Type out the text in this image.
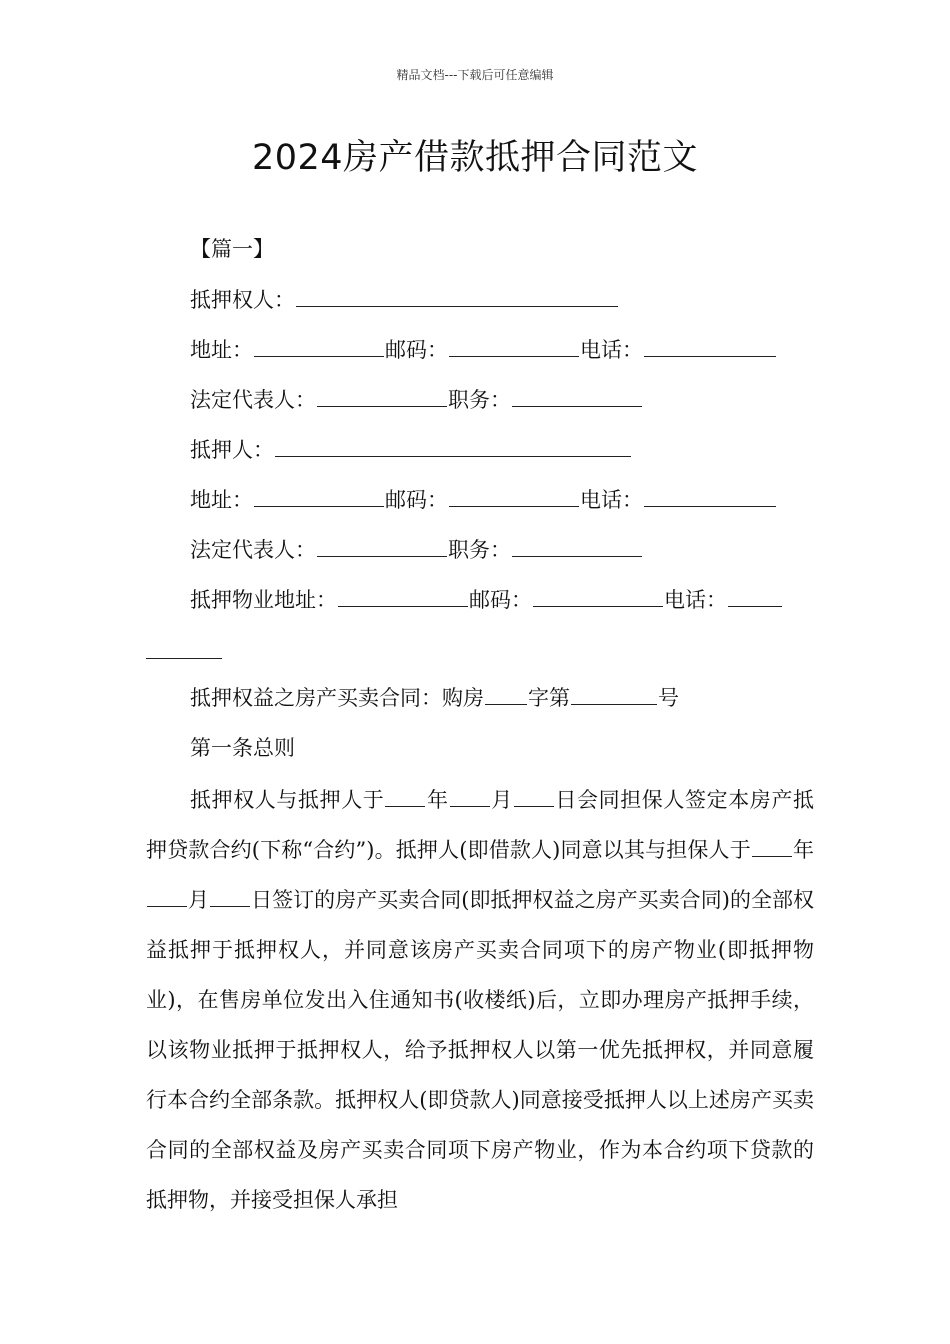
精品文档---下载后可任意编辑
2024房产借款抵押合同范文
【篇一】
抵押权人：
地址：	邮码：	电话：
法定代表人：	职务：
抵押人：
地址：	邮码：	电话：
法定代表人：	职务：
抵押物业地址：	邮码：	电话：
抵押权益之房产买卖合同：购房 字第	号
第一条总则
抵押权人与抵押人于 年 月 日会同担保人签定本房产抵押贷款合约(下称“合约”)。抵押人(即借款人)同意以其与担保人于 年月 日签订的房产买卖合同(即抵押权益之房产买卖合同)的全部权益抵押于抵押权人，并同意该房产买卖合同项下的房产物业(即抵押物业)，在售房单位发出入住通知书(收楼纸)后，立即办理房产抵押手续，以该物业抵押于抵押权人，给予抵押权人以第一优先抵押权，并同意履行本合约全部条款。抵押权人(即贷款人)同意接受抵押人以上述房产买卖合同的全部权益及房产买卖合同项下房产物业，作为本合约项下贷款的抵押物，并接受担保人承担
